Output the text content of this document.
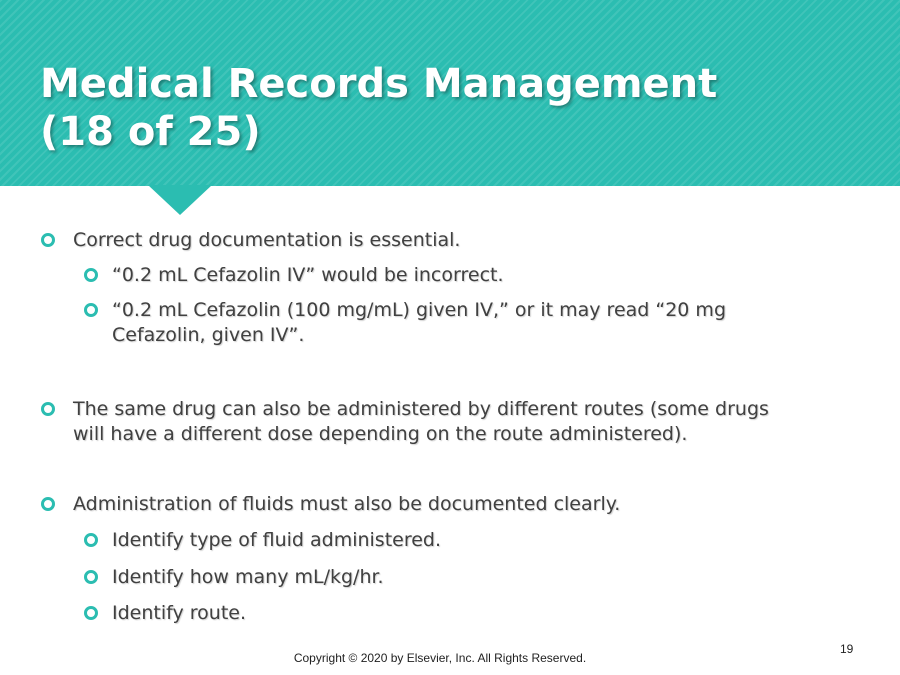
Medical Records Management
(18 of 25)
Correct drug documentation is essential.
“0.2 mL Cefazolin IV” would be incorrect.
“0.2 mL Cefazolin (100 mg/mL) given IV,” or it may read “20 mg Cefazolin, given IV”.
The same drug can also be administered by different routes (some drugs will have a different dose depending on the route administered).
Administration of fluids must also be documented clearly.
Identify type of fluid administered.
Identify how many mL/kg/hr.
Identify route.
19
Copyright © 2020 by Elsevier, Inc. All Rights Reserved.
